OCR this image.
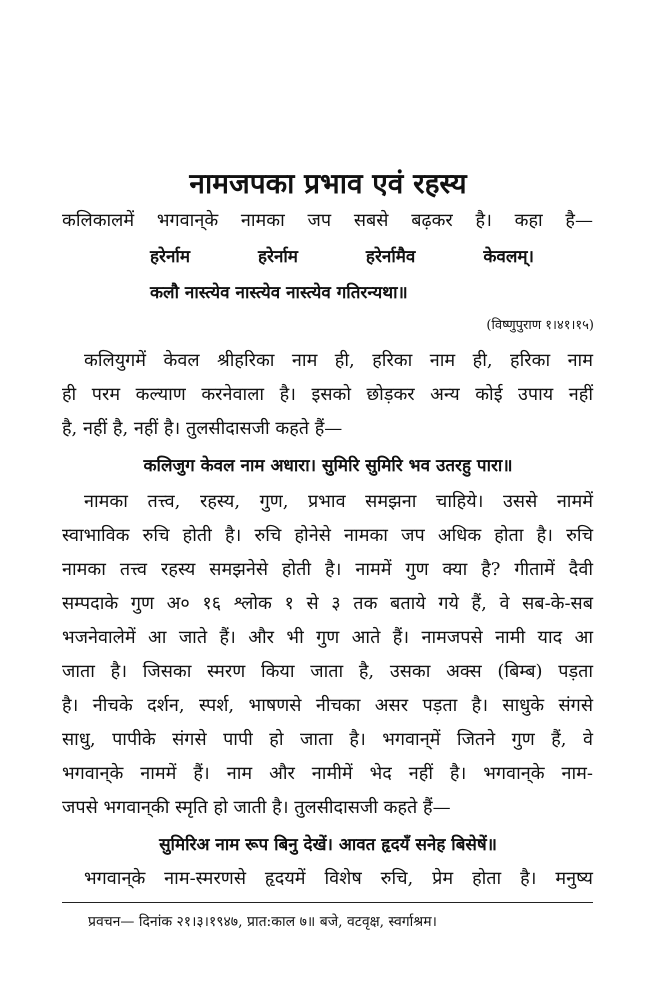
नामजपका प्रभाव एवं रहस्य

कलिकालमें भगवान्‌के नामका जप सबसे बढ़कर है। कहा है—

हरेर्नाम हरेर्नाम हरेर्नामैव केवलम्।

कलौ नास्त्येव नास्त्येव नास्त्येव गतिरन्यथा॥

(विष्णुपुराण १।४१।१५)

कलियुगमें केवल श्रीहरिका नाम ही, हरिका नाम ही, हरिका नाम

ही परम कल्याण करनेवाला है। इसको छोड़कर अन्य कोई उपाय नहीं

है, नहीं है, नहीं है। तुलसीदासजी कहते हैं—

कलिजुग केवल नाम अधारा। सुमिरि सुमिरि भव उतरहु पारा॥

नामका तत्त्व, रहस्य, गुण, प्रभाव समझना चाहिये। उससे नाममें

स्वाभाविक रुचि होती है। रुचि होनेसे नामका जप अधिक होता है। रुचि

नामका तत्त्व रहस्य समझनेसे होती है। नाममें गुण क्या है? गीतामें दैवी

सम्पदाके गुण अ० १६ श्लोक १ से ३ तक बताये गये हैं, वे सब-के-सब

भजनेवालेमें आ जाते हैं। और भी गुण आते हैं। नामजपसे नामी याद आ

जाता है। जिसका स्मरण किया जाता है, उसका अक्स (बिम्ब) पड़ता

है। नीचके दर्शन, स्पर्श, भाषणसे नीचका असर पड़ता है। साधुके संगसे

साधु, पापीके संगसे पापी हो जाता है। भगवान्‌में जितने गुण हैं, वे

भगवान्‌के नाममें हैं। नाम और नामीमें भेद नहीं है। भगवान्‌के नाम-

जपसे भगवान्‌की स्मृति हो जाती है। तुलसीदासजी कहते हैं—

सुमिरिअ नाम रूप बिनु देखें। आवत हृदयँ सनेह बिसेषें॥

भगवान्‌के नाम-स्मरणसे हृदयमें विशेष रुचि, प्रेम होता है। मनुष्य

प्रवचन— दिनांक २१।३।१९४७, प्रात:काल ७॥ बजे, वटवृक्ष, स्वर्गाश्रम।
